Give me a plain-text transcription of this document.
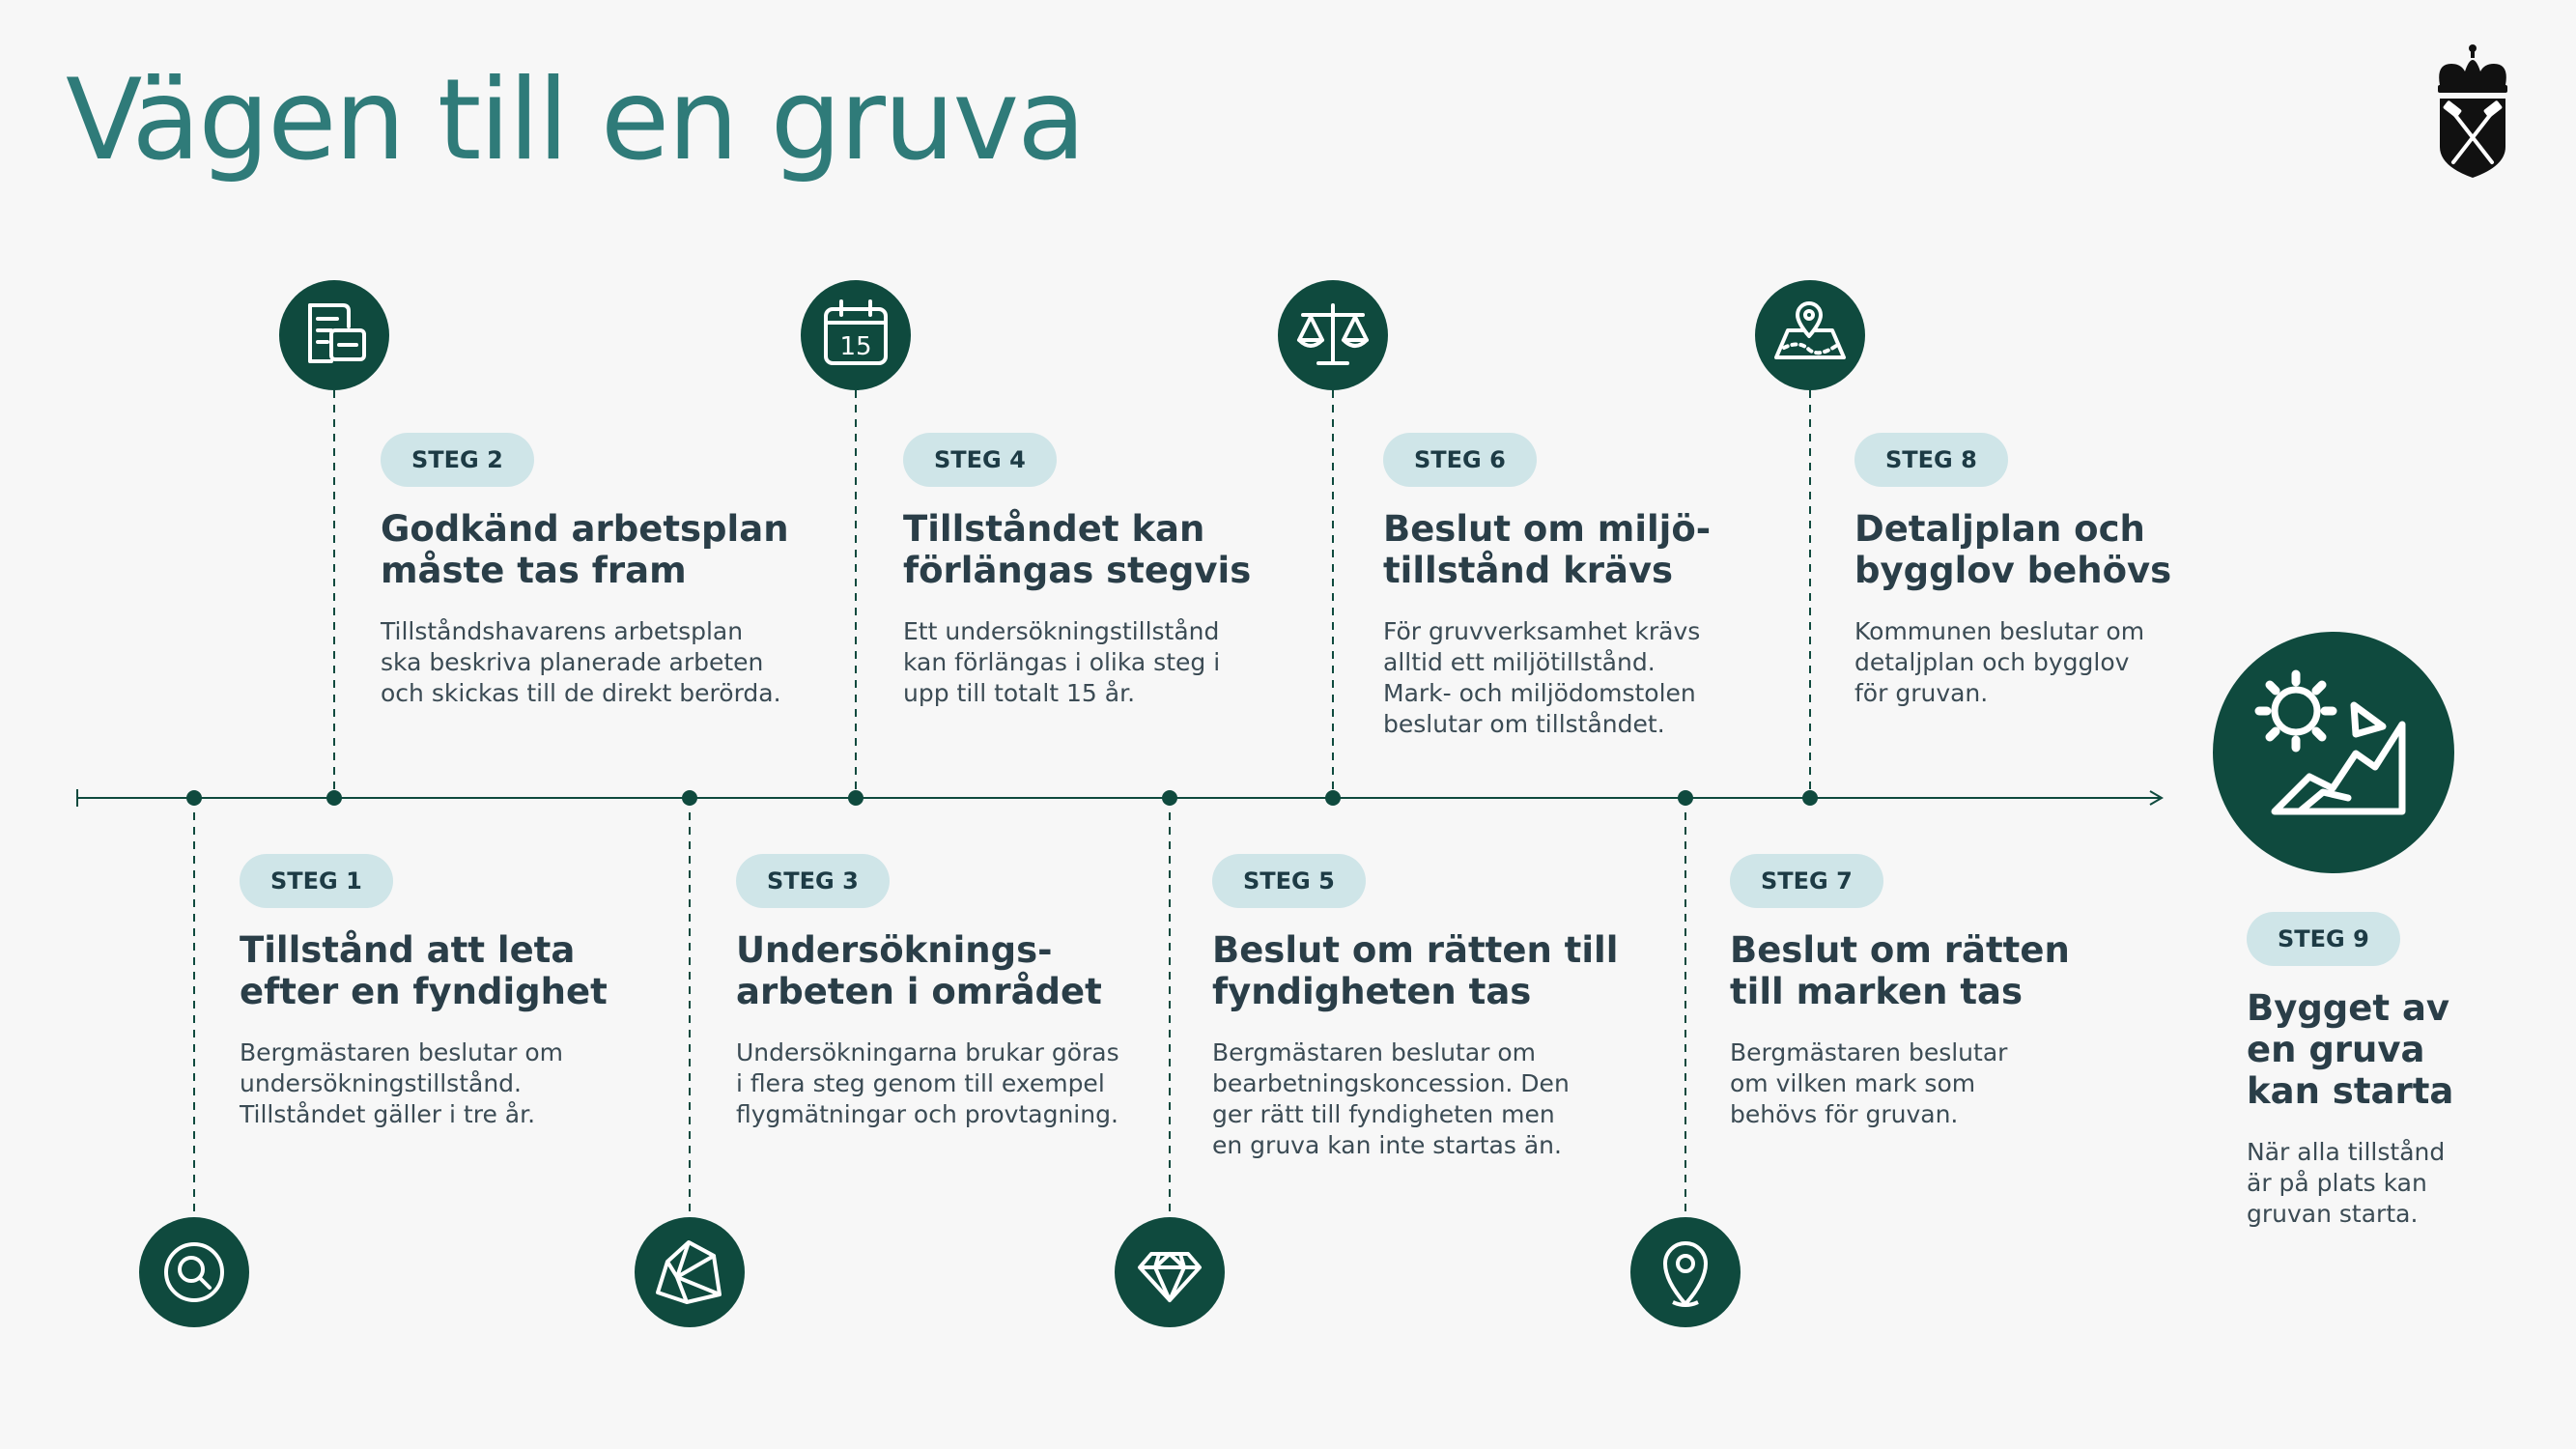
Vägen till en gruva
15
STEG 1

Tillstånd att leta
efter en fyndighet

Bergmästaren beslutar om
undersökningstillstånd.
Tillståndet gäller i tre år.

STEG 2

Godkänd arbetsplan
måste tas fram

Tillståndshavarens arbetsplan
ska beskriva planerade arbeten
och skickas till de direkt berörda.

STEG 3

Undersöknings-
arbeten i området

Undersökningarna brukar göras
i flera steg genom till exempel
flygmätningar och provtagning.

STEG 4

Tillståndet kan
förlängas stegvis

Ett undersökningstillstånd
kan förlängas i olika steg i
upp till totalt 15 år.

STEG 5

Beslut om rätten till
fyndigheten tas

Bergmästaren beslutar om
bearbetningskoncession. Den
ger rätt till fyndigheten men
en gruva kan inte startas än.

STEG 6

Beslut om miljö-
tillstånd krävs

För gruvverksamhet krävs
alltid ett miljötillstånd.
Mark- och miljödomstolen
beslutar om tillståndet.

STEG 7

Beslut om rätten
till marken tas

Bergmästaren beslutar
om vilken mark som
behövs för gruvan.

STEG 8

Detaljplan och
bygglov behövs

Kommunen beslutar om
detaljplan och bygglov
för gruvan.

STEG 9

Bygget av
en gruva
kan starta

När alla tillstånd
är på plats kan
gruvan starta.
